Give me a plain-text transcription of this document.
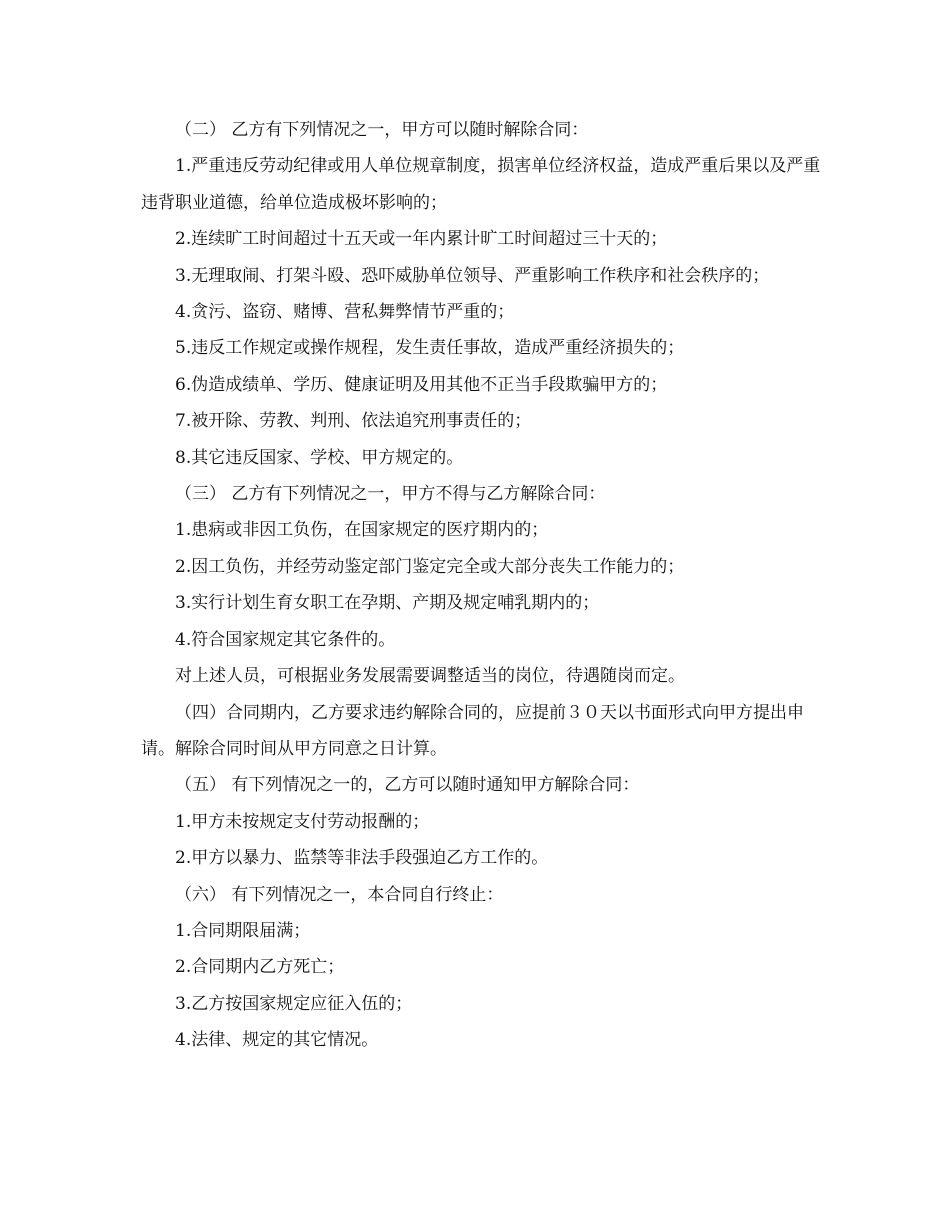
（二） 乙方有下列情况之一，甲方可以随时解除合同：

1.严重违反劳动纪律或用人单位规章制度，损害单位经济权益，造成严重后果以及严重违背职业道德，给单位造成极坏影响的；

2.连续旷工时间超过十五天或一年内累计旷工时间超过三十天的；

3.无理取闹、打架斗殴、恐吓威胁单位领导、严重影响工作秩序和社会秩序的；

4.贪污、盗窃、赌博、营私舞弊情节严重的；

5.违反工作规定或操作规程，发生责任事故，造成严重经济损失的；

6.伪造成绩单、学历、健康证明及用其他不正当手段欺骗甲方的；

7.被开除、劳教、判刑、依法追究刑事责任的；

8.其它违反国家、学校、甲方规定的。

（三） 乙方有下列情况之一，甲方不得与乙方解除合同：

1.患病或非因工负伤，在国家规定的医疗期内的；

2.因工负伤，并经劳动鉴定部门鉴定完全或大部分丧失工作能力的；

3.实行计划生育女职工在孕期、产期及规定哺乳期内的；

4.符合国家规定其它条件的。

对上述人员，可根据业务发展需要调整适当的岗位，待遇随岗而定。

（四）合同期内，乙方要求违约解除合同的，应提前３０天以书面形式向甲方提出申请。解除合同时间从甲方同意之日计算。

（五） 有下列情况之一的，乙方可以随时通知甲方解除合同：

1.甲方未按规定支付劳动报酬的；

2.甲方以暴力、监禁等非法手段强迫乙方工作的。

（六） 有下列情况之一，本合同自行终止：

1.合同期限届满；

2.合同期内乙方死亡；

3.乙方按国家规定应征入伍的；

4.法律、规定的其它情况。
